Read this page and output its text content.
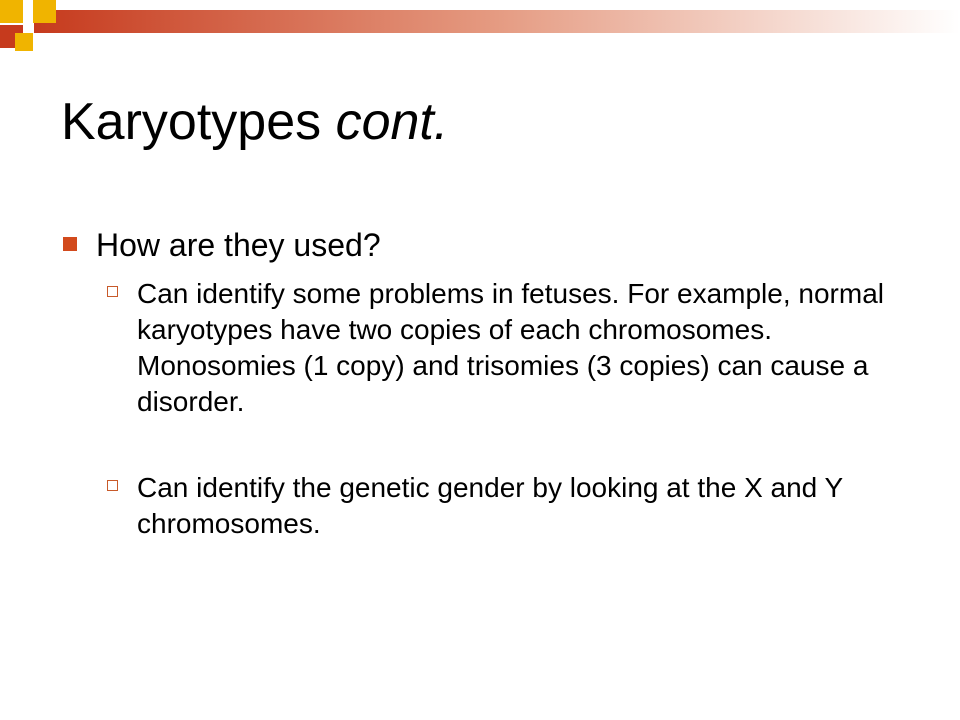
Karyotypes cont.
How are they used?
Can identify some problems in fetuses. For example, normal karyotypes have two copies of each chromosomes. Monosomies (1 copy) and trisomies (3 copies) can cause a disorder.
Can identify the genetic gender by looking at the X and Y chromosomes.
